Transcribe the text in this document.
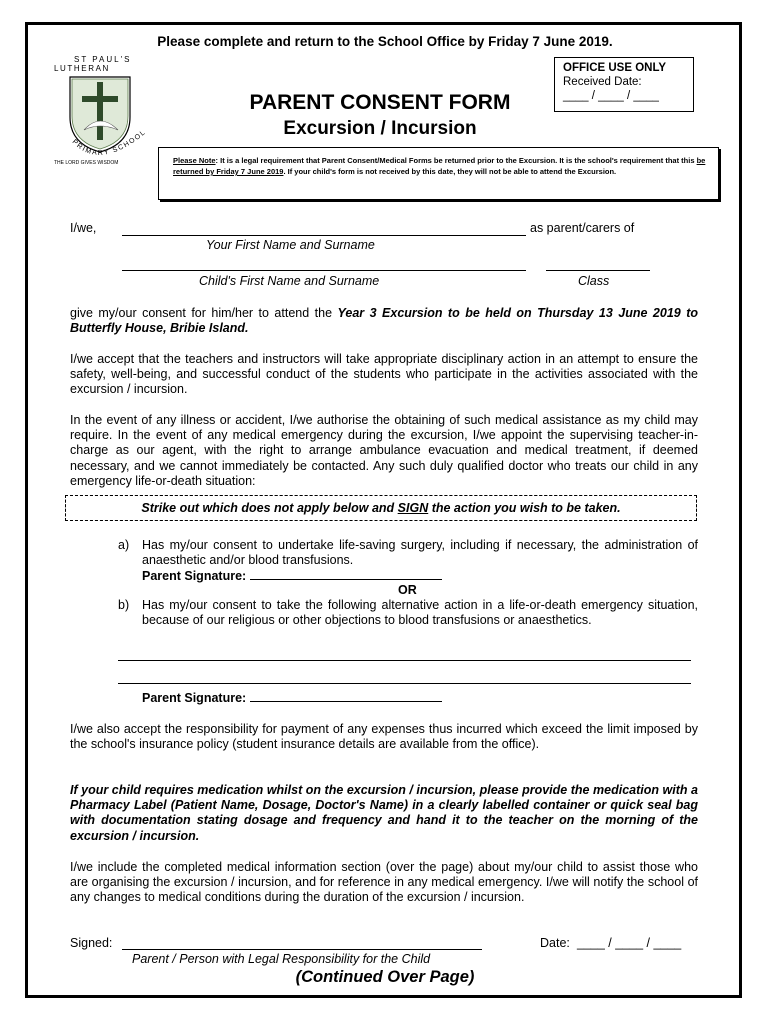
Please complete and return to the School Office by Friday 7 June 2019.
ST PAUL'S
LUTHERAN
PRIMARY SCHOOL
THE LORD GIVES WISDOM
OFFICE USE ONLY
Received Date:
____ / ____ / ____
PARENT CONSENT FORM
Excursion / Incursion
Please Note: It is a legal requirement that Parent Consent/Medical Forms be returned prior to the Excursion. It is the school's requirement that this be returned by Friday 7 June 2019. If your child's form is not received by this date, they will not be able to attend the Excursion.
I/we,	as parent/carers of
Your First Name and Surname
Child's First Name and Surname	Class
give my/our consent for him/her to attend the Year 3 Excursion to be held on Thursday 13 June 2019 to Butterfly House, Bribie Island.
I/we accept that the teachers and instructors will take appropriate disciplinary action in an attempt to ensure the safety, well-being, and successful conduct of the students who participate in the activities associated with the excursion / incursion.
In the event of any illness or accident, I/we authorise the obtaining of such medical assistance as my child may require. In the event of any medical emergency during the excursion, I/we appoint the supervising teacher-in-charge as our agent, with the right to arrange ambulance evacuation and medical treatment, if deemed necessary, and we cannot immediately be contacted. Any such duly qualified doctor who treats our child in any emergency life-or-death situation:
Strike out which does not apply below and SIGN the action you wish to be taken.
a) Has my/our consent to undertake life-saving surgery, including if necessary, the administration of anaesthetic and/or blood transfusions.
Parent Signature:
OR
b) Has my/our consent to take the following alternative action in a life-or-death emergency situation, because of our religious or other objections to blood transfusions or anaesthetics.
Parent Signature:
I/we also accept the responsibility for payment of any expenses thus incurred which exceed the limit imposed by the school's insurance policy (student insurance details are available from the office).
If your child requires medication whilst on the excursion / incursion, please provide the medication with a Pharmacy Label (Patient Name, Dosage, Doctor's Name) in a clearly labelled container or quick seal bag with documentation stating dosage and frequency and hand it to the teacher on the morning of the excursion / incursion.
I/we include the completed medical information section (over the page) about my/our child to assist those who are organising the excursion / incursion, and for reference in any medical emergency. I/we will notify the school of any changes to medical conditions during the duration of the excursion / incursion.
Signed:	Date: ____ / ____ / ____
Parent / Person with Legal Responsibility for the Child
(Continued Over Page)
